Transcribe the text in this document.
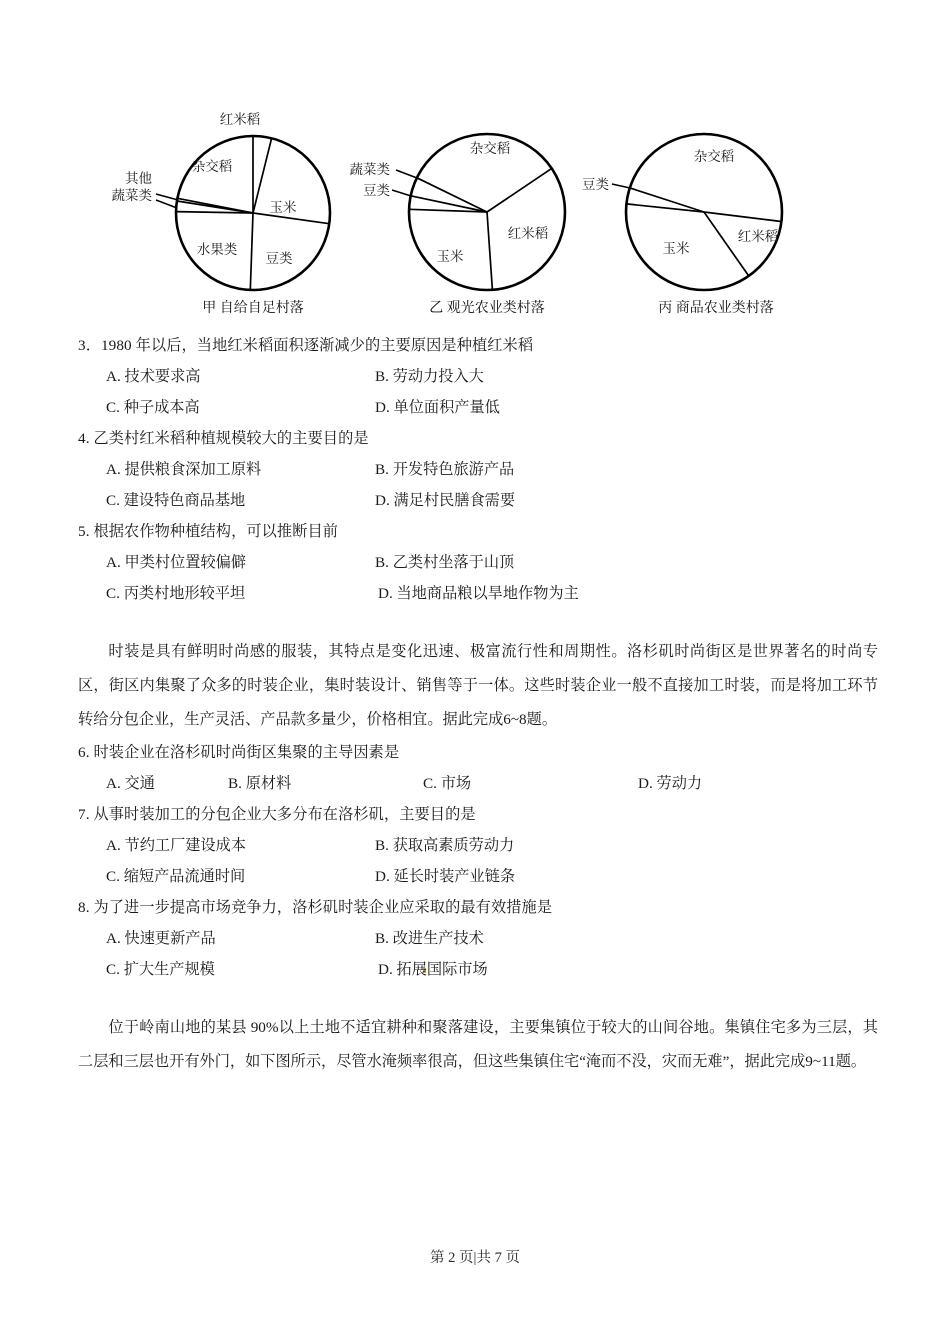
杂交稻
玉米
豆类
水果类
红米稻
其他
蔬菜类
甲 自给自足村落
杂交稻
红米稻
玉米
蔬菜类
豆类
乙 观光农业类村落
杂交稻
玉米
红米稻
豆类
丙 商品农业类村落
3．1980 年以后，当地红米稻面积逐渐减少的主要原因是种植红米稻
A. 技术要求高	B. 劳动力投入大
C. 种子成本高	D. 单位面积产量低
4. 乙类村红米稻种植规模较大的主要目的是
A. 提供粮食深加工原料	B. 开发特色旅游产品
C. 建设特色商品基地	D. 满足村民膳食需要
5. 根据农作物种植结构，可以推断目前
A. 甲类村位置较偏僻	B. 乙类村坐落于山顶
C. 丙类村地形较平坦	D. 当地商品粮以旱地作物为主
时装是具有鲜明时尚感的服装，其特点是变化迅速、极富流行性和周期性。洛杉矶时尚街区是世界著名的时尚专区，街区内集聚了众多的时装企业，集时装设计、销售等于一体。这些时装企业一般不直接加工时装，而是将加工环节转给分包企业，生产灵活、产品款多量少，价格相宜。据此完成6~8题。
6. 时装企业在洛杉矶时尚街区集聚的主导因素是
A. 交通	B. 原材料	C. 市场	D. 劳动力
7. 从事时装加工的分包企业大多分布在洛杉矶，主要目的是
A. 节约工厂建设成本	B. 获取高素质劳动力
C. 缩短产品流通时间	D. 延长时装产业链条
8. 为了进一步提高市场竞争力，洛杉矶时装企业应采取的最有效措施是
A. 快速更新产品	B. 改进生产技术
C. 扩大生产规模	D. 拓展国际市场
位于岭南山地的某县 90%以上土地不适宜耕种和聚落建设，主要集镇位于较大的山间谷地。集镇住宅多为三层，其二层和三层也开有外门，如下图所示，尽管水淹频率很高，但这些集镇住宅“淹而不没，灾而无难”，据此完成9~11题。
第 2 页|共 7 页
